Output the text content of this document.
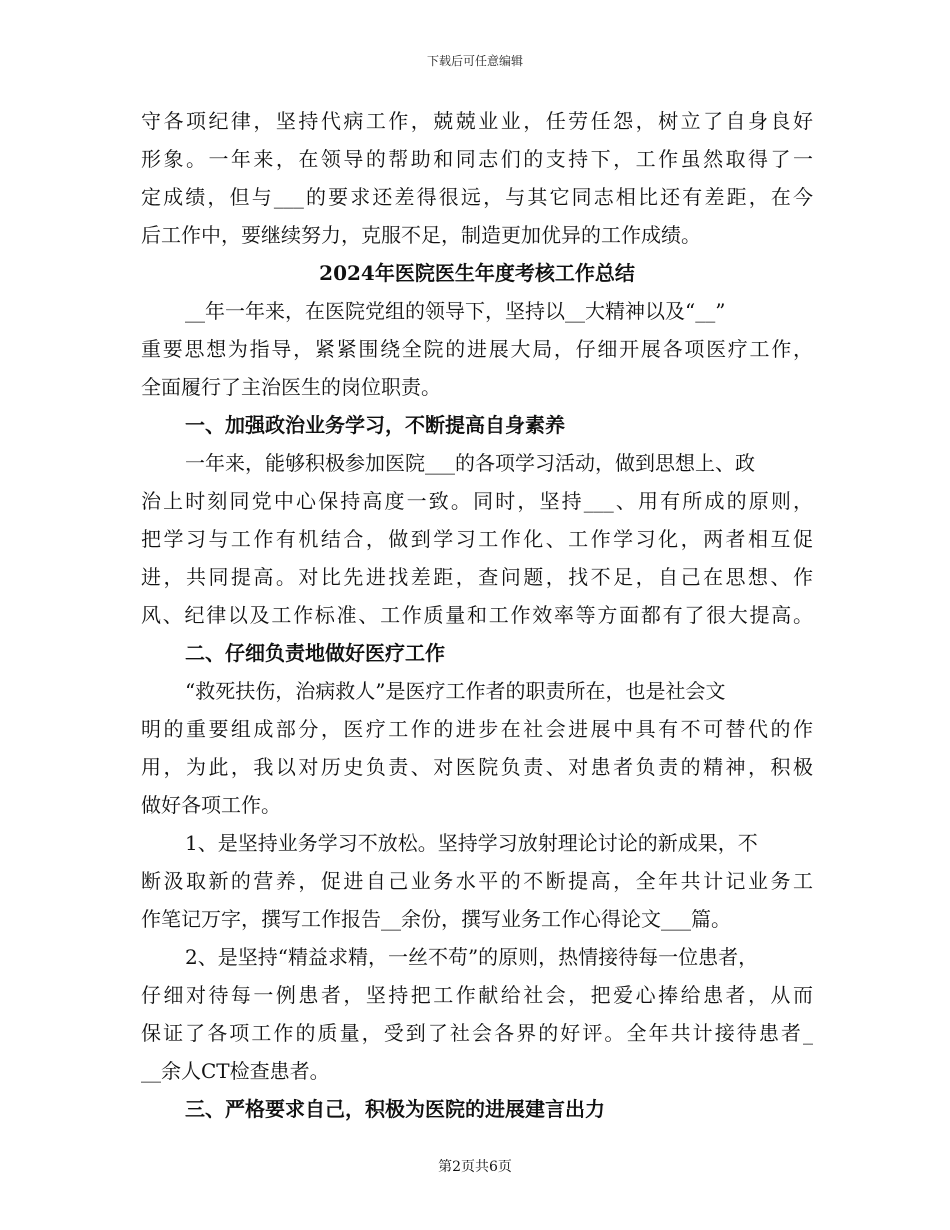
下载后可任意编辑
守各项纪律，坚持代病工作，兢兢业业，任劳任怨，树立了自身良好
形象。一年来，在领导的帮助和同志们的支持下，工作虽然取得了一
定成绩，但与___的要求还差得很远，与其它同志相比还有差距，在今
后工作中，要继续努力，克服不足，制造更加优异的工作成绩。
2024年医院医生年度考核工作总结
__年一年来，在医院党组的领导下，坚持以__大精神以及“__”
重要思想为指导，紧紧围绕全院的进展大局，仔细开展各项医疗工作，
全面履行了主治医生的岗位职责。
一、加强政治业务学习，不断提高自身素养
一年来，能够积极参加医院___的各项学习活动，做到思想上、政
治上时刻同党中心保持高度一致。同时，坚持___、用有所成的原则，
把学习与工作有机结合，做到学习工作化、工作学习化，两者相互促
进，共同提高。对比先进找差距，查问题，找不足，自己在思想、作
风、纪律以及工作标准、工作质量和工作效率等方面都有了很大提高。
二、仔细负责地做好医疗工作
“救死扶伤，治病救人”是医疗工作者的职责所在，也是社会文
明的重要组成部分，医疗工作的进步在社会进展中具有不可替代的作
用，为此，我以对历史负责、对医院负责、对患者负责的精神，积极
做好各项工作。
1、是坚持业务学习不放松。坚持学习放射理论讨论的新成果，不
断汲取新的营养，促进自己业务水平的不断提高，全年共计记业务工
作笔记万字，撰写工作报告__余份，撰写业务工作心得论文___篇。
2、是坚持“精益求精，一丝不苟”的原则，热情接待每一位患者，
仔细对待每一例患者，坚持把工作献给社会，把爱心捧给患者，从而
保证了各项工作的质量，受到了社会各界的好评。全年共计接待患者_
__余人CT检查患者。
三、严格要求自己，积极为医院的进展建言出力
第2页共6页
